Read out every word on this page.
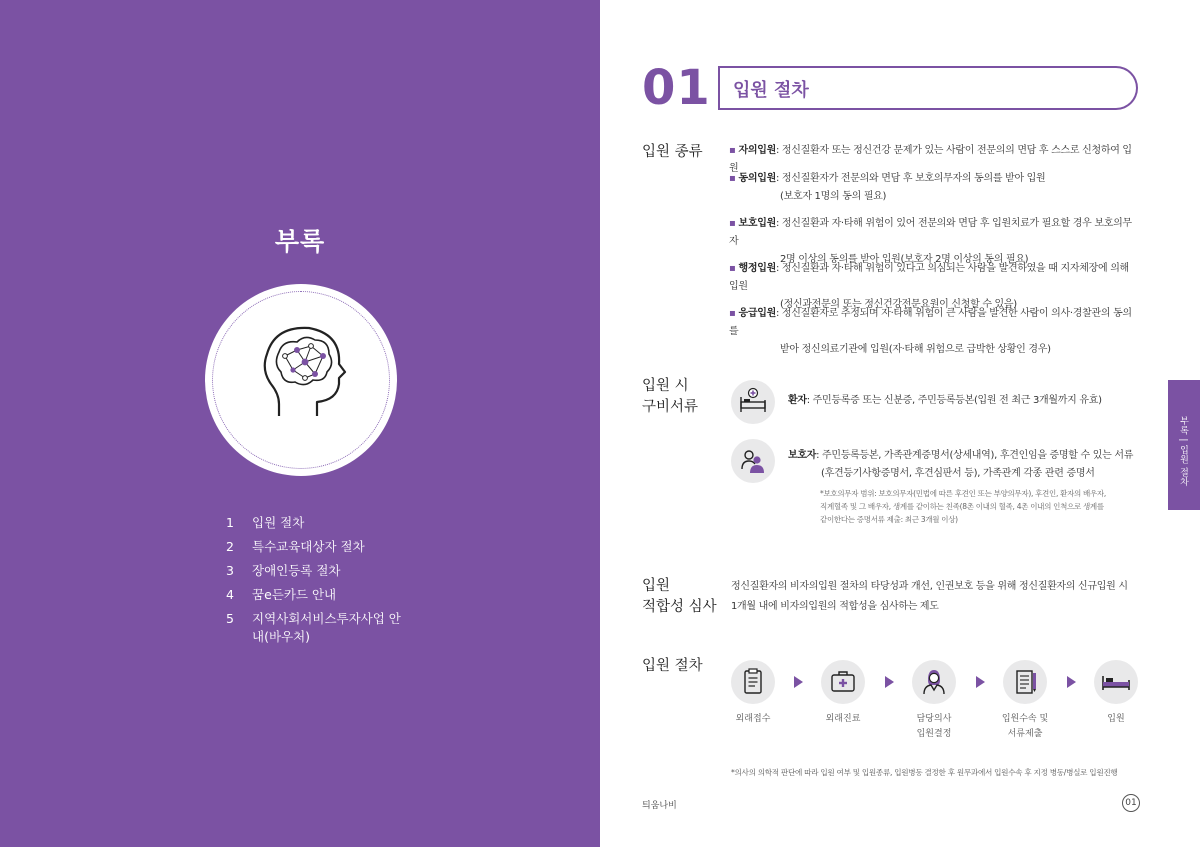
부록
1	입원 절차
2	특수교육대상자 절차
3	장애인등록 절차
4	꿈e든카드 안내
5	지역사회서비스투자사업 안내(바우처)
01 입원 절차
입원 종류	▪ 자의입원: 정신질환자 또는 정신건강 문제가 있는 사람이 전문의의 면담 후 스스로 신청하여 입원
▪ 동의입원: 정신질환자가 전문의와 면담 후 보호의무자의 동의를 받아 입원
(보호자 1명의 동의 필요)
▪ 보호입원: 정신질환과 자·타해 위험이 있어 전문의와 면담 후 입원치료가 필요할 경우 보호의무자
2명 이상의 동의를 받아 입원(보호자 2명 이상의 동의 필요)
▪ 행정입원: 정신질환과 자·타해 위험이 있다고 의심되는 사람을 발견하였을 때 지자체장에 의해 입원
(정신과전문의 또는 정신건강전문요원이 신청할 수 있음)
▪ 응급입원: 정신질환자로 추정되며 자·타해 위험이 큰 사람을 발견한 사람이 의사·경찰관의 동의를
받아 정신의료기관에 입원(자·타해 위험으로 급박한 상황인 경우)
입원 시
구비서류	환자: 주민등록증 또는 신분증, 주민등록등본(입원 전 최근 3개월까지 유효)
보호자: 주민등록등본, 가족관계증명서(상세내역), 후견인임을 증명할 수 있는 서류
(후견등기사항증명서, 후견심판서 등), 가족관계 각종 관련 증명서
*보호의무자 범위: 보호의무자(민법에 따른 후견인 또는 부양의무자), 후견인, 환자의 배우자,
직계혈족 및 그 배우자, 생계를 같이하는 친족(8촌 이내의 혈족, 4촌 이내의 인척으로 생계를
같이한다는 증명서류 제출: 최근 3개월 이상)
입원
적합성 심사
정신질환자의 비자의입원 절차의 타당성과 개선, 인권보호 등을 위해 정신질환자의 신규입원 시
1개월 내에 비자의입원의 적합성을 심사하는 제도
입원 절차
외래접수	외래진료	담당의사
입원결정
입원수속 및
서류제출
입원
*의사의 의학적 판단에 따라 입원 여부 및 입원종류, 입원병동 결정한 후 원무과에서 입원수속 후 지정 병동/병실로 입원진행
틔움나비	01
부록 | 입원 절차
